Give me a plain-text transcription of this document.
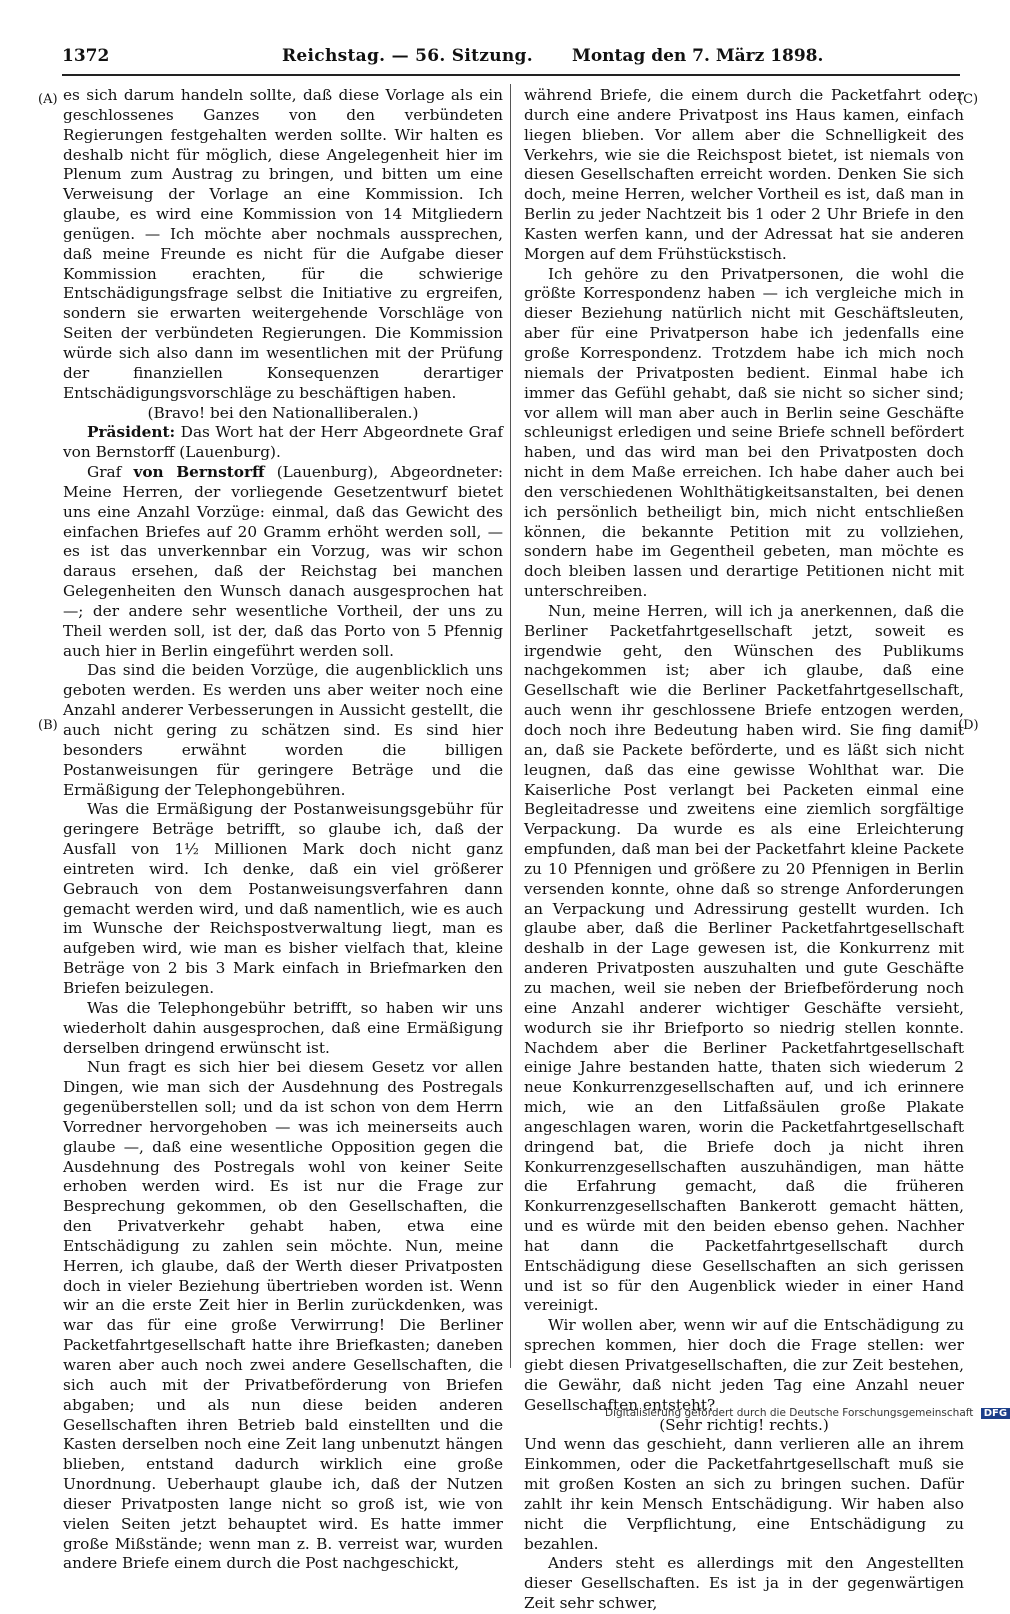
1372	Reichstag. — 56. Sitzung. Montag den 7. März 1898.
(A)
(B)
(C)
(D)

es sich darum handeln sollte, daß diese Vorlage als ein geschlossenes Ganzes von den verbündeten Regierungen festgehalten werden sollte. Wir halten es deshalb nicht für möglich, diese Angelegenheit hier im Plenum zum Austrag zu bringen, und bitten um eine Verweisung der Vorlage an eine Kommission. Ich glaube, es wird eine Kommission von 14 Mitgliedern genügen. — Ich möchte aber nochmals aussprechen, daß meine Freunde es nicht für die Aufgabe dieser Kommission erachten, für die schwierige Entschädigungsfrage selbst die Initiative zu ergreifen, sondern sie erwarten weitergehende Vorschläge von Seiten der verbündeten Regierungen. Die Kommission würde sich also dann im wesentlichen mit der Prüfung der finanziellen Konsequenzen derartiger Entschädigungsvorschläge zu beschäftigen haben.

(Bravo! bei den Nationalliberalen.)

Präsident: Das Wort hat der Herr Abgeordnete Graf von Bernstorff (Lauenburg).

Graf von Bernstorff (Lauenburg), Abgeordneter: Meine Herren, der vorliegende Gesetzentwurf bietet uns eine Anzahl Vorzüge: einmal, daß das Gewicht des einfachen Briefes auf 20 Gramm erhöht werden soll, — es ist das unverkennbar ein Vorzug, was wir schon daraus ersehen, daß der Reichstag bei manchen Gelegenheiten den Wunsch danach ausgesprochen hat —; der andere sehr wesentliche Vortheil, der uns zu Theil werden soll, ist der, daß das Porto von 5 Pfennig auch hier in Berlin eingeführt werden soll.

Das sind die beiden Vorzüge, die augenblicklich uns geboten werden. Es werden uns aber weiter noch eine Anzahl anderer Verbesserungen in Aussicht gestellt, die auch nicht gering zu schätzen sind. Es sind hier besonders erwähnt worden die billigen Postanweisungen für geringere Beträge und die Ermäßigung der Telephongebühren.

Was die Ermäßigung der Postanweisungsgebühr für geringere Beträge betrifft, so glaube ich, daß der Ausfall von 1½ Millionen Mark doch nicht ganz eintreten wird. Ich denke, daß ein viel größerer Gebrauch von dem Postanweisungsverfahren dann gemacht werden wird, und daß namentlich, wie es auch im Wunsche der Reichspostverwaltung liegt, man es aufgeben wird, wie man es bisher vielfach that, kleine Beträge von 2 bis 3 Mark einfach in Briefmarken den Briefen beizulegen.

Was die Telephongebühr betrifft, so haben wir uns wiederholt dahin ausgesprochen, daß eine Ermäßigung derselben dringend erwünscht ist.

Nun fragt es sich hier bei diesem Gesetz vor allen Dingen, wie man sich der Ausdehnung des Postregals gegenüberstellen soll; und da ist schon von dem Herrn Vorredner hervorgehoben — was ich meinerseits auch glaube —, daß eine wesentliche Opposition gegen die Ausdehnung des Postregals wohl von keiner Seite erhoben werden wird. Es ist nur die Frage zur Besprechung gekommen, ob den Gesellschaften, die den Privatverkehr gehabt haben, etwa eine Entschädigung zu zahlen sein möchte. Nun, meine Herren, ich glaube, daß der Werth dieser Privatposten doch in vieler Beziehung übertrieben worden ist. Wenn wir an die erste Zeit hier in Berlin zurückdenken, was war das für eine große Verwirrung! Die Berliner Packetfahrtgesellschaft hatte ihre Briefkasten; daneben waren aber auch noch zwei andere Gesellschaften, die sich auch mit der Privatbeförderung von Briefen abgaben; und als nun diese beiden anderen Gesellschaften ihren Betrieb bald einstellten und die Kasten derselben noch eine Zeit lang unbenutzt hängen blieben, entstand dadurch wirklich eine große Unordnung. Ueberhaupt glaube ich, daß der Nutzen dieser Privatposten lange nicht so groß ist, wie von vielen Seiten jetzt behauptet wird. Es hatte immer große Mißstände; wenn man z. B. verreist war, wurden andere Briefe einem durch die Post nachgeschickt,

während Briefe, die einem durch die Packetfahrt oder durch eine andere Privatpost ins Haus kamen, einfach liegen blieben. Vor allem aber die Schnelligkeit des Verkehrs, wie sie die Reichspost bietet, ist niemals von diesen Gesellschaften erreicht worden. Denken Sie sich doch, meine Herren, welcher Vortheil es ist, daß man in Berlin zu jeder Nachtzeit bis 1 oder 2 Uhr Briefe in den Kasten werfen kann, und der Adressat hat sie anderen Morgen auf dem Frühstückstisch.

Ich gehöre zu den Privatpersonen, die wohl die größte Korrespondenz haben — ich vergleiche mich in dieser Beziehung natürlich nicht mit Geschäftsleuten, aber für eine Privatperson habe ich jedenfalls eine große Korrespondenz. Trotzdem habe ich mich noch niemals der Privatposten bedient. Einmal habe ich immer das Gefühl gehabt, daß sie nicht so sicher sind; vor allem will man aber auch in Berlin seine Geschäfte schleunigst erledigen und seine Briefe schnell befördert haben, und das wird man bei den Privatposten doch nicht in dem Maße erreichen. Ich habe daher auch bei den verschiedenen Wohlthätigkeitsanstalten, bei denen ich persönlich betheiligt bin, mich nicht entschließen können, die bekannte Petition mit zu vollziehen, sondern habe im Gegentheil gebeten, man möchte es doch bleiben lassen und derartige Petitionen nicht mit unterschreiben.

Nun, meine Herren, will ich ja anerkennen, daß die Berliner Packetfahrtgesellschaft jetzt, soweit es irgendwie geht, den Wünschen des Publikums nachgekommen ist; aber ich glaube, daß eine Gesellschaft wie die Berliner Packetfahrtgesellschaft, auch wenn ihr geschlossene Briefe entzogen werden, doch noch ihre Bedeutung haben wird. Sie fing damit an, daß sie Packete beförderte, und es läßt sich nicht leugnen, daß das eine gewisse Wohlthat war. Die Kaiserliche Post verlangt bei Packeten einmal eine Begleitadresse und zweitens eine ziemlich sorgfältige Verpackung. Da wurde es als eine Erleichterung empfunden, daß man bei der Packetfahrt kleine Packete zu 10 Pfennigen und größere zu 20 Pfennigen in Berlin versenden konnte, ohne daß so strenge Anforderungen an Verpackung und Adressirung gestellt wurden. Ich glaube aber, daß die Berliner Packetfahrtgesellschaft deshalb in der Lage gewesen ist, die Konkurrenz mit anderen Privatposten auszuhalten und gute Geschäfte zu machen, weil sie neben der Briefbeförderung noch eine Anzahl anderer wichtiger Geschäfte versieht, wodurch sie ihr Briefporto so niedrig stellen konnte. Nachdem aber die Berliner Packetfahrtgesellschaft einige Jahre bestanden hatte, thaten sich wiederum 2 neue Konkurrenzgesellschaften auf, und ich erinnere mich, wie an den Litfaßsäulen große Plakate angeschlagen waren, worin die Packetfahrtgesellschaft dringend bat, die Briefe doch ja nicht ihren Konkurrenzgesellschaften auszuhändigen, man hätte die Erfahrung gemacht, daß die früheren Konkurrenzgesellschaften Bankerott gemacht hätten, und es würde mit den beiden ebenso gehen. Nachher hat dann die Packetfahrtgesellschaft durch Entschädigung diese Gesellschaften an sich gerissen und ist so für den Augenblick wieder in einer Hand vereinigt.

Wir wollen aber, wenn wir auf die Entschädigung zu sprechen kommen, hier doch die Frage stellen: wer giebt diesen Privatgesellschaften, die zur Zeit bestehen, die Gewähr, daß nicht jeden Tag eine Anzahl neuer Gesellschaften entsteht?

(Sehr richtig! rechts.)

Und wenn das geschieht, dann verlieren alle an ihrem Einkommen, oder die Packetfahrtgesellschaft muß sie mit großen Kosten an sich zu bringen suchen. Dafür zahlt ihr kein Mensch Entschädigung. Wir haben also nicht die Verpflichtung, eine Entschädigung zu bezahlen.

Anders steht es allerdings mit den Angestellten dieser Gesellschaften. Es ist ja in der gegenwärtigen Zeit sehr schwer,

Digitalisierung gefördert durch die Deutsche Forschungsgemeinschaft DFG
